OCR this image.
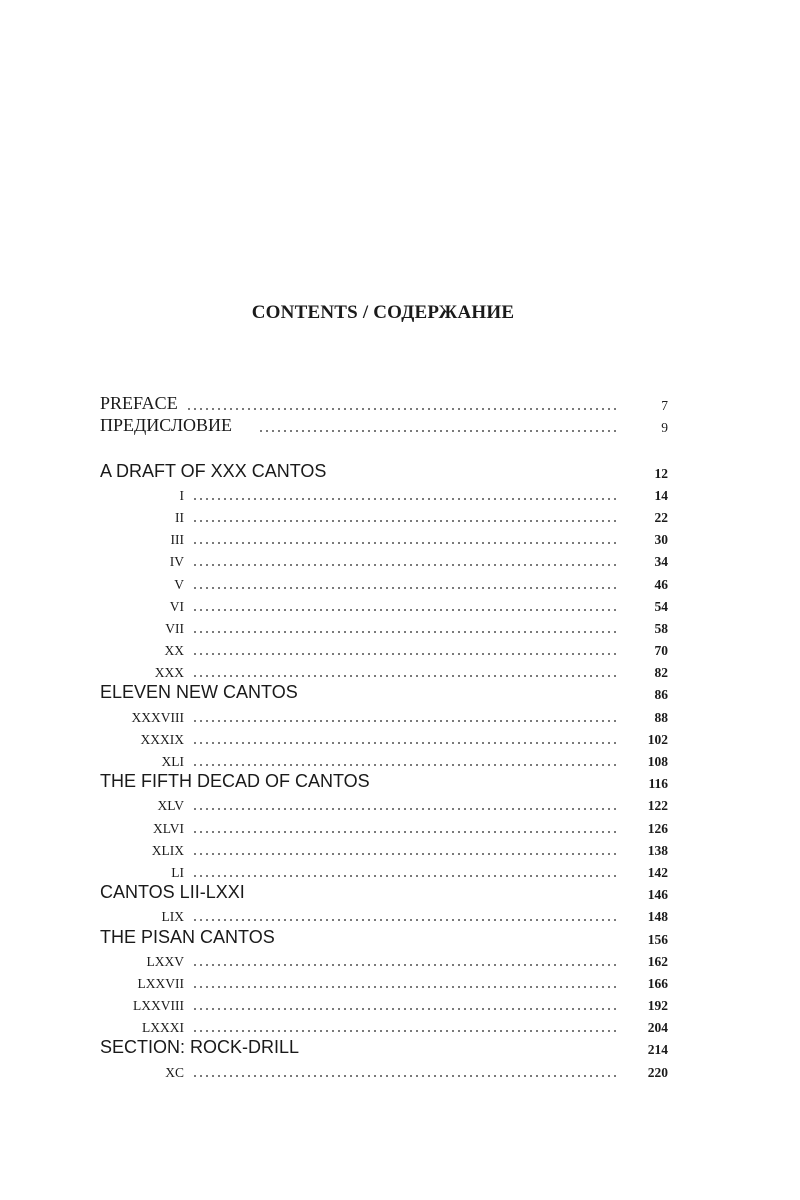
CONTENTS / СОДЕРЖАНИЕ
PREFACE	7
ПРЕДИСЛОВИЕ	9
A DRAFT OF XXX CANTOS	12
I	14
II	22
III	30
IV	34
V	46
VI	54
VII	58
XX	70
XXX	82
ELEVEN NEW CANTOS	86
XXXVIII	88
XXXIX	102
XLI	108
THE FIFTH DECAD OF CANTOS	116
XLV	122
XLVI	126
XLIX	138
LI	142
CANTOS LII-LXXI	146
LIX	148
THE PISAN CANTOS	156
LXXV	162
LXXVII	166
LXXVIII	192
LXXXI	204
SECTION: ROCK-DRILL	214
XC	220
